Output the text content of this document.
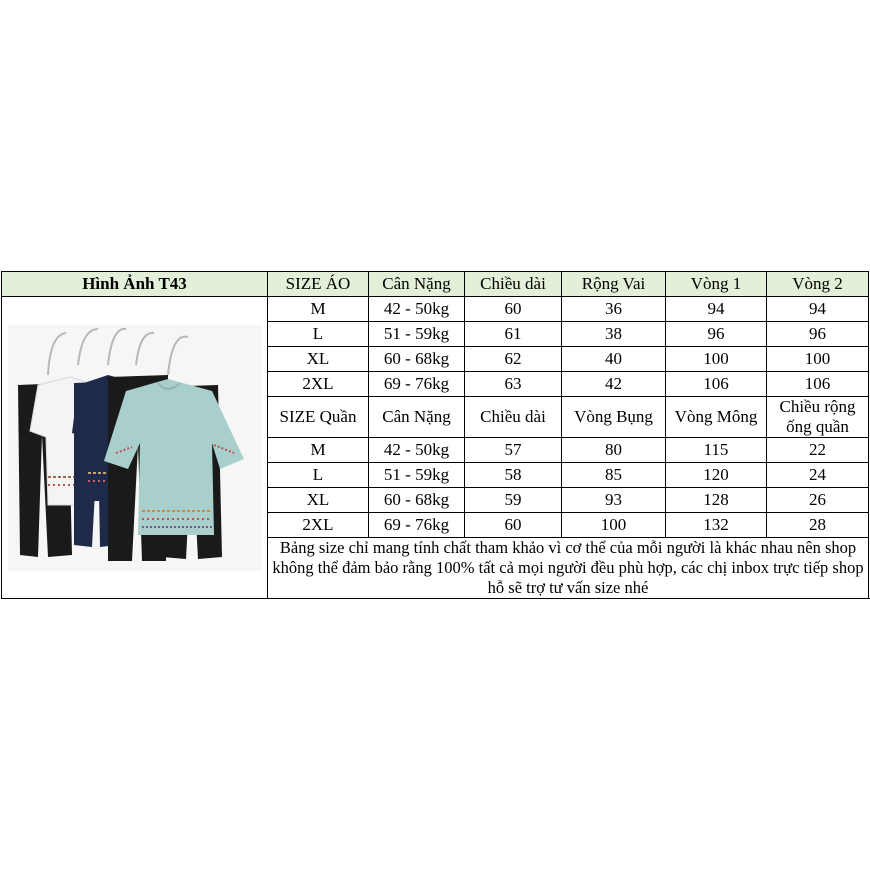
Hình Ảnh T43	SIZE ÁO	Cân Nặng	Chiều dài	Rộng Vai	Vòng 1	Vòng 2

	M	42 - 50kg	60	36	94	94
	L	51 - 59kg	61	38	96	96
	XL	60 - 68kg	62	40	100	100
	2XL	69 - 76kg	63	42	106	106
	SIZE Quần	Cân Nặng	Chiều dài	Vòng Bụng	Vòng Mông	Chiều rộng ống quần
	M	42 - 50kg	57	80	115	22
	L	51 - 59kg	58	85	120	24
	XL	60 - 68kg	59	93	128	26
	2XL	69 - 76kg	60	100	132	28
	Bảng size chỉ mang tính chất tham khảo vì cơ thể của mỗi người là khác nhau nên shop không thể đảm bảo rằng 100% tất cả mọi người đều phù hợp, các chị inbox trực tiếp shop hỗ sẽ trợ tư vấn size nhé					
